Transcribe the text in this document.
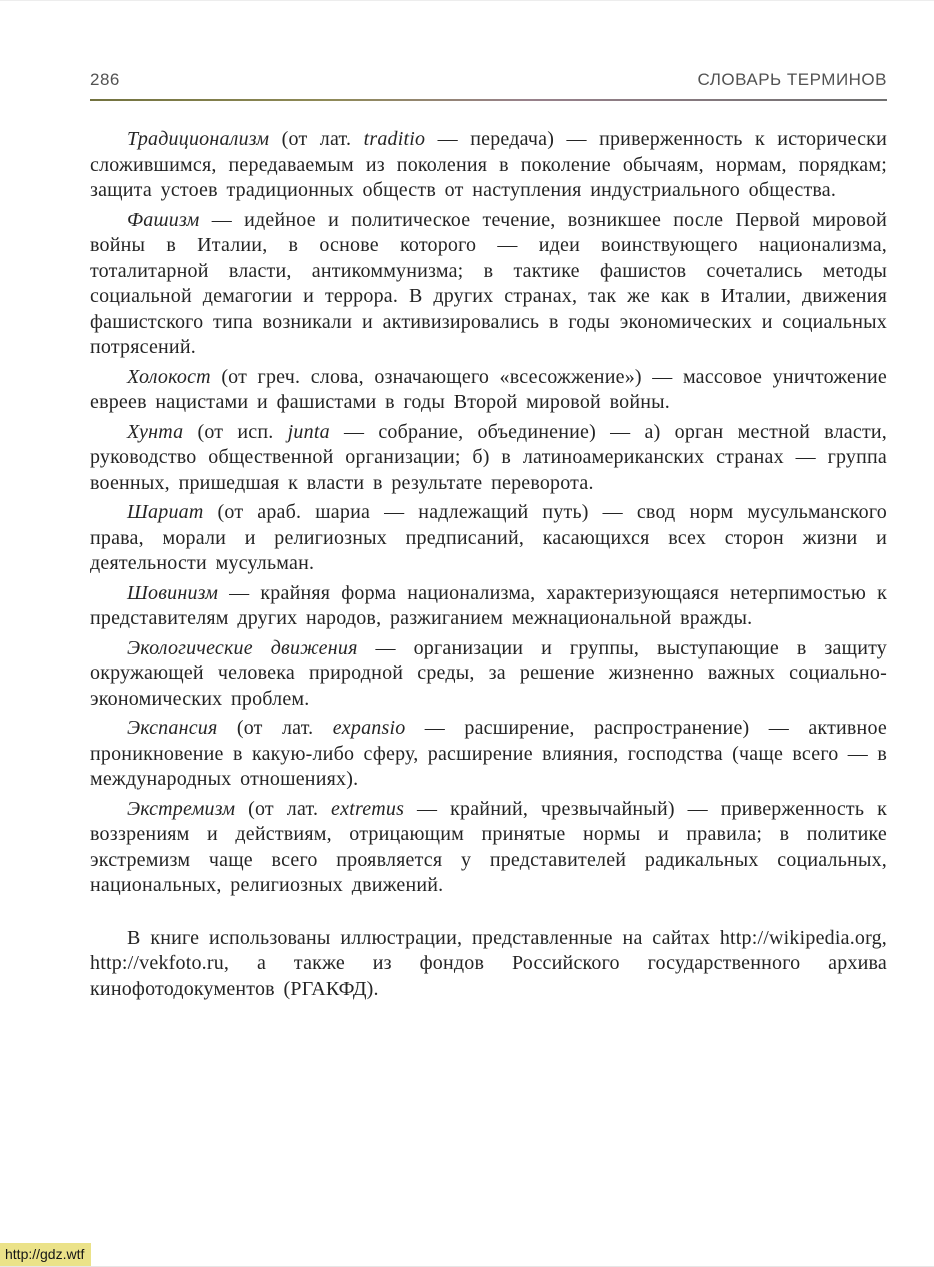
286	СЛОВАРЬ ТЕРМИНОВ

Традиционализм (от лат. traditio — передача) — приверженность к исторически сложившимся, передаваемым из поколения в поколение обычаям, нормам, порядкам; защита устоев традиционных обществ от наступления индустриального общества.

Фашизм — идейное и политическое течение, возникшее после Первой мировой войны в Италии, в основе которого — идеи воинствующего национализма, тоталитарной власти, антикоммунизма; в тактике фашистов сочетались методы социальной демагогии и террора. В других странах, так же как в Италии, движения фашистского типа возникали и активизировались в годы экономических и социальных потрясений.

Холокост (от греч. слова, означающего «всесожжение») — массовое уничтожение евреев нацистами и фашистами в годы Второй мировой войны.

Хунта (от исп. junta — собрание, объединение) — а) орган местной власти, руководство общественной организации; б) в латиноамериканских странах — группа военных, пришедшая к власти в результате переворота.

Шариат (от араб. шариа — надлежащий путь) — свод норм мусульманского права, морали и религиозных предписаний, касающихся всех сторон жизни и деятельности мусульман.

Шовинизм — крайняя форма национализма, характеризующаяся нетерпимостью к представителям других народов, разжиганием межнациональной вражды.

Экологические движения — организации и группы, выступающие в защиту окружающей человека природной среды, за решение жизненно важных социально-экономических проблем.

Экспансия (от лат. expansio — расширение, распространение) — активное проникновение в какую-либо сферу, расширение влияния, господства (чаще всего — в международных отношениях).

Экстремизм (от лат. extremus — крайний, чрезвычайный) — приверженность к воззрениям и действиям, отрицающим принятые нормы и правила; в политике экстремизм чаще всего проявляется у представителей радикальных социальных, национальных, религиозных движений.

В книге использованы иллюстрации, представленные на сайтах http://wikipedia.org, http://vekfoto.ru, а также из фондов Российского государственного архива кинофотодокументов (РГАКФД).

http://gdz.wtf
